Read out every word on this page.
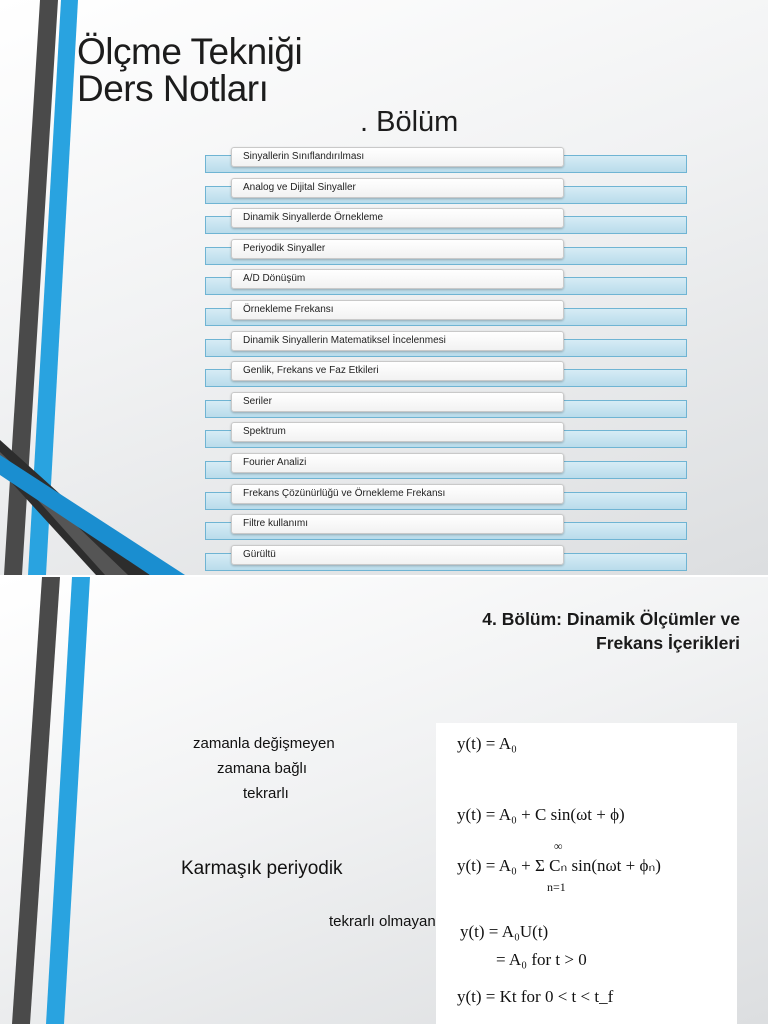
Ölçme Tekniği
Ders Notları
. Bölüm
Sinyallerin Sınıflandırılması
Analog ve Dijital Sinyaller
Dinamik Sinyallerde Örnekleme
Periyodik Sinyaller
A/D Dönüşüm
Örnekleme Frekansı
Dinamik Sinyallerin Matematiksel İncelenmesi
Genlik, Frekans ve Faz Etkileri
Seriler
Spektrum
Fourier Analizi
Frekans Çözünürlüğü ve Örnekleme Frekansı
Filtre kullanımı
Gürültü
4. Bölüm: Dinamik Ölçümler ve
Frekans İçerikleri
zamanla değişmeyen
zamana bağlı
tekrarlı
Karmaşık periyodik
tekrarlı olmayan
y(t) = A₀
y(t) = A₀ + C sin(ωt + ϕ)
y(t) = A₀ + Σ Cₙ sin(nωt + ϕₙ)
∞
n=1
y(t) = A₀U(t)
= A₀ for t > 0
y(t) = Kt for 0 < t < t_f
